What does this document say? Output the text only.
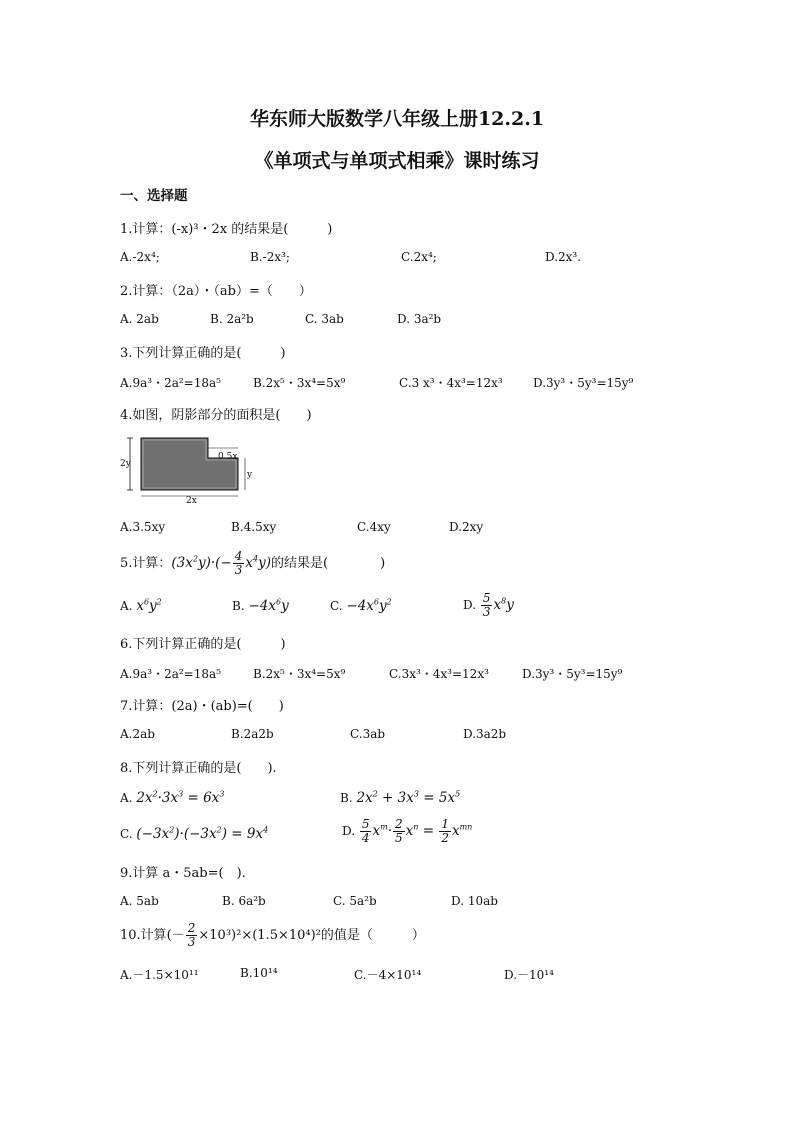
华东师大版数学八年级上册12.2.1
《单项式与单项式相乘》课时练习
一、选择题
1.计算：(-x)³・2x 的结果是(　　　)
A.-2x⁴;	B.-2x³;	C.2x⁴;	D.2x³.
2.计算：（2a）・（ab）=（　　）
A. 2ab	B. 2a²b	C. 3ab	D. 3a²b
3.下列计算正确的是(　　　)
A.9a³・2a²=18a⁵	B.2x⁵・3x⁴=5x⁹	C.3 x³・4x³=12x³	D.3y³・5y³=15y⁹
4.如图，阴影部分的面积是(　　)
2y
0.5x
y
2x
A.3.5xy	B.4.5xy	C.4xy	D.2xy
5.计算：$(3x^2y)\cdot(- \frac{4}{3} x^4y)$的结果是(　　　　)
A. $x^6y^2$	B. $-4x^6y$	C. $-4x^6y^2$	D. $\frac{5}{3} x^8y$
6.下列计算正确的是(　　　)
A.9a³・2a²=18a⁵	B.2x⁵・3x⁴=5x⁹	C.3x³・4x³=12x³	D.3y³・5y³=15y⁹
7.计算：(2a)・(ab)=(　　)
A.2ab	B.2a2b	C.3ab	D.3a2b
8.下列计算正确的是(　　).
A. $2x^2\cdot 3x^3 = 6x^3$	B. $2x^2 + 3x^3 = 5x^5$
C. $(-3x^2)\cdot(-3x^2) = 9x^4$	D. $\frac{5}{4} x^m\cdot \frac{2}{5} x^n = \frac{1}{2} x^{mn}$
9.计算 a・5ab=(　).
A. 5ab	B. 6a²b	C. 5a²b	D. 10ab
10.计算(－ $\frac{2}{3} \times 10^3)^2\times(1.5\times 10^4)^2$的值是（　　　）
A.－1.5×10¹¹	B.10¹⁴	C.－4×10¹⁴	D.－10¹⁴
